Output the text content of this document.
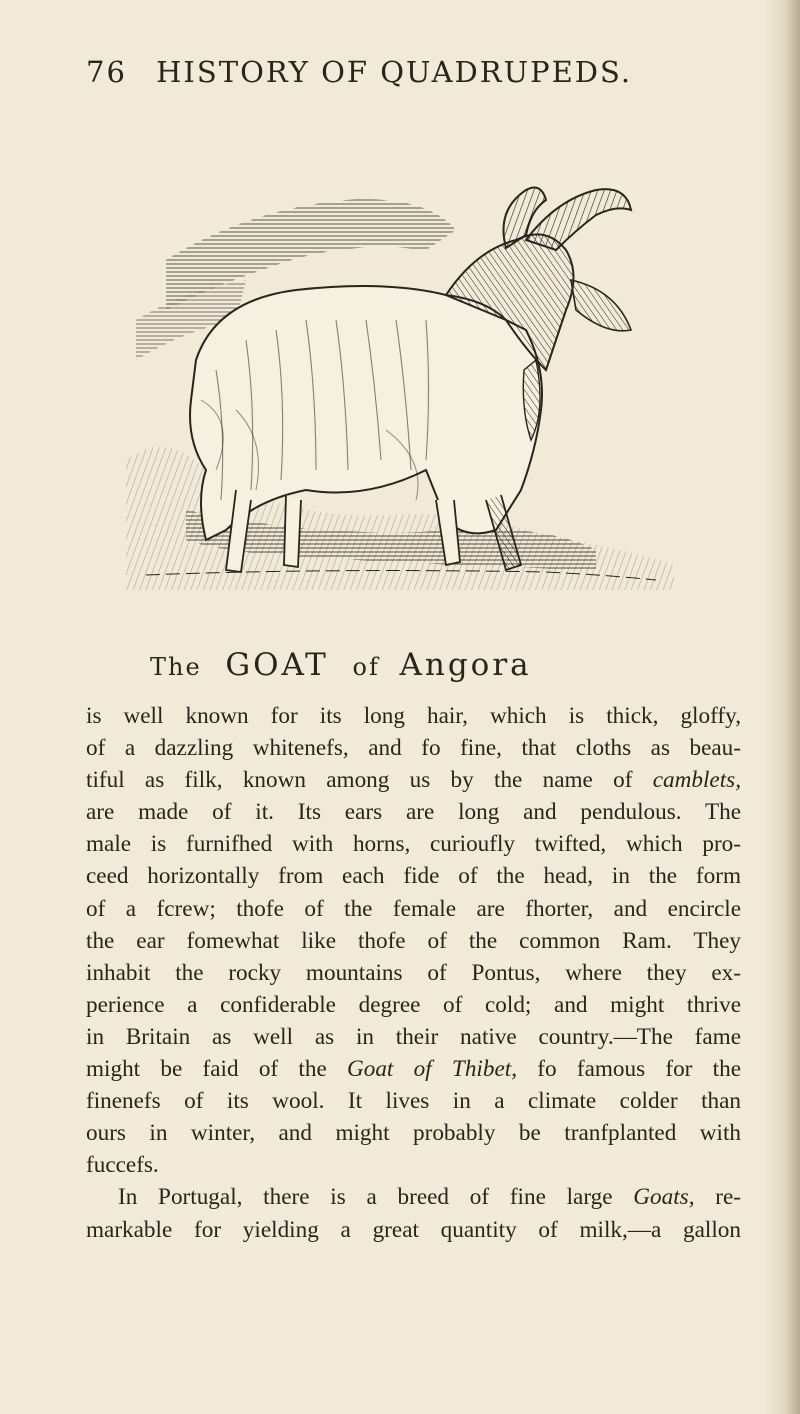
76 HISTORY OF QUADRUPEDS.
The GOAT of Angora
is well known for its long hair, which is thick, gloffy,
of a dazzling whitenefs, and fo fine, that cloths as beau-
tiful as filk, known among us by the name of camblets,
are made of it. Its ears are long and pendulous. The
male is furnifhed with horns, curioufly twifted, which pro-
ceed horizontally from each fide of the head, in the form
of a fcrew; thofe of the female are fhorter, and encircle
the ear fomewhat like thofe of the common Ram. They
inhabit the rocky mountains of Pontus, where they ex-
perience a confiderable degree of cold; and might thrive
in Britain as well as in their native country.—The fame
might be faid of the Goat of Thibet, fo famous for the
finenefs of its wool. It lives in a climate colder than
ours in winter, and might probably be tranfplanted with
fuccefs.
In Portugal, there is a breed of fine large Goats, re-
markable for yielding a great quantity of milk,—a gallon
